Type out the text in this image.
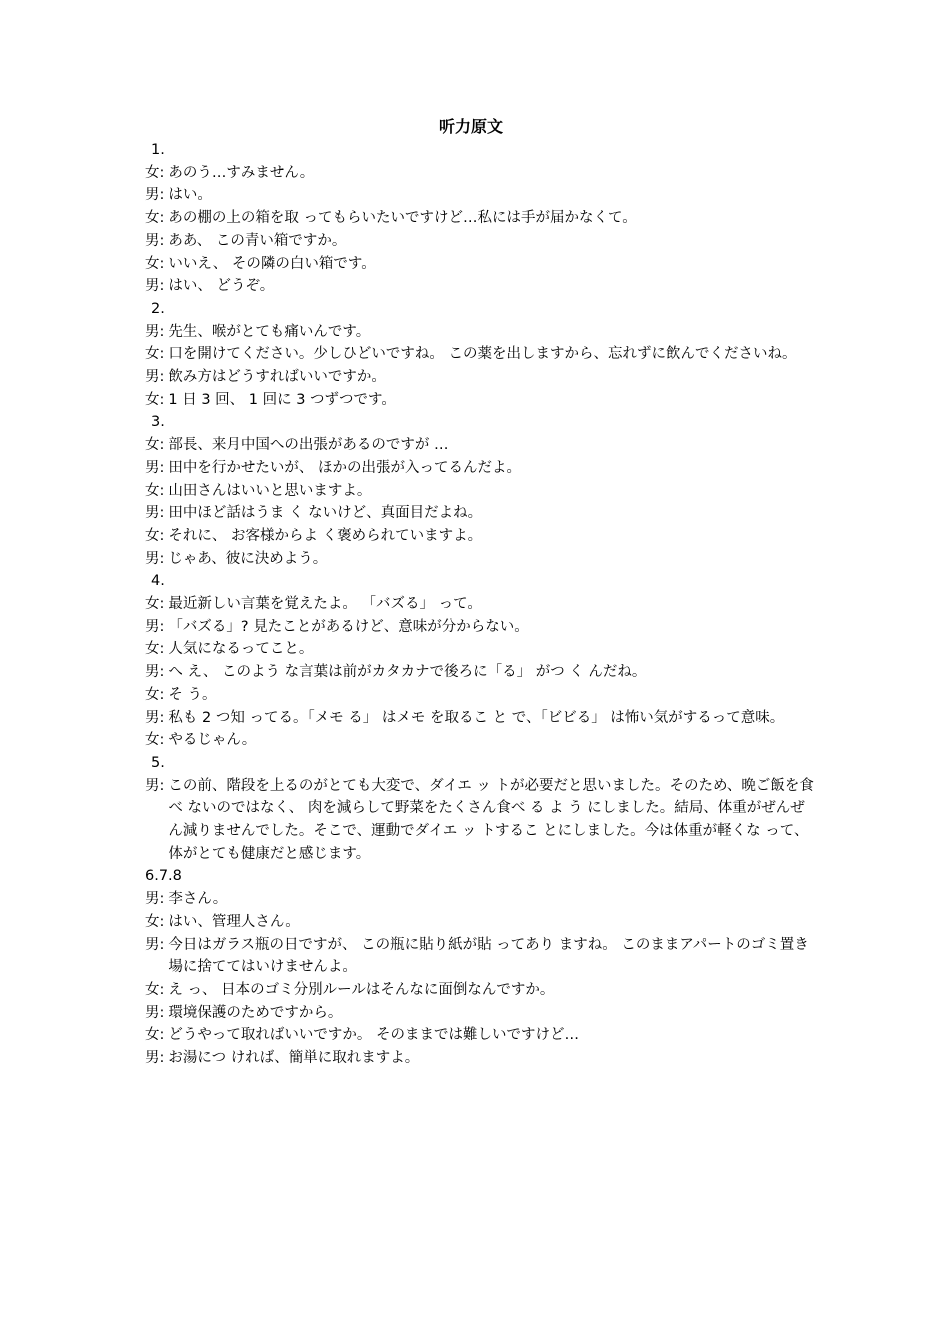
听力原文
1.
女: あのう…すみません。
男: はい。
女: あの棚の上の箱を取 ってもらいたいですけど…私には手が届かなくて。
男: ああ、 この青い箱ですか。
女: いいえ、 その隣の白い箱です。
男: はい、 どうぞ。
2.
男: 先生、喉がとても痛いんです。
女: 口を開けてください。少しひどいですね。 この薬を出しますから、忘れずに飲んでくださいね。
男: 飲み方はどうすればいいですか。
女: 1 日 3 回、 1 回に 3 つずつです。
3.
女: 部長、来月中国への出張があるのですが …
男: 田中を行かせたいが、 ほかの出張が入ってるんだよ。
女: 山田さんはいいと思いますよ。
男: 田中ほど話はうま く ないけど、真面目だよね。
女: それに、 お客様からよ く褒められていますよ。
男: じゃあ、彼に決めよう。
4.
女: 最近新しい言葉を覚えたよ。 「バズる」 って。
男: 「バズる」? 見たことがあるけど、意味が分からない。
女: 人気になるってこと。
男: へ え、 このよう な言葉は前がカタカナで後ろに「る」 がつ く んだね。
女: そ う。
男: 私も 2 つ知 ってる。「メモ る」 はメモ を取るこ と で、「ビビる」 は怖い気がするって意味。
女: やるじゃん。
5.
男: この前、階段を上るのがとても大変で、ダイエ ッ トが必要だと思いました。そのため、晩ご飯を食べ ないのではなく、 肉を減らして野菜をたくさん食べ る よ う にしました。結局、体重がぜんぜん減りませんでした。そこで、運動でダイエ ッ トするこ とにしました。今は体重が軽くな って、体がとても健康だと感じます。
6.7.8
男: 李さん。
女: はい、管理人さん。
男: 今日はガラス瓶の日ですが、 この瓶に貼り紙が貼 ってあり ますね。 このままアパートのゴミ置き場に捨ててはいけませんよ。
女: え っ、 日本のゴミ分別ルールはそんなに面倒なんですか。
男: 環境保護のためですから。
女: どうやって取ればいいですか。 そのままでは難しいですけど…
男: お湯につ ければ、簡単に取れますよ。
